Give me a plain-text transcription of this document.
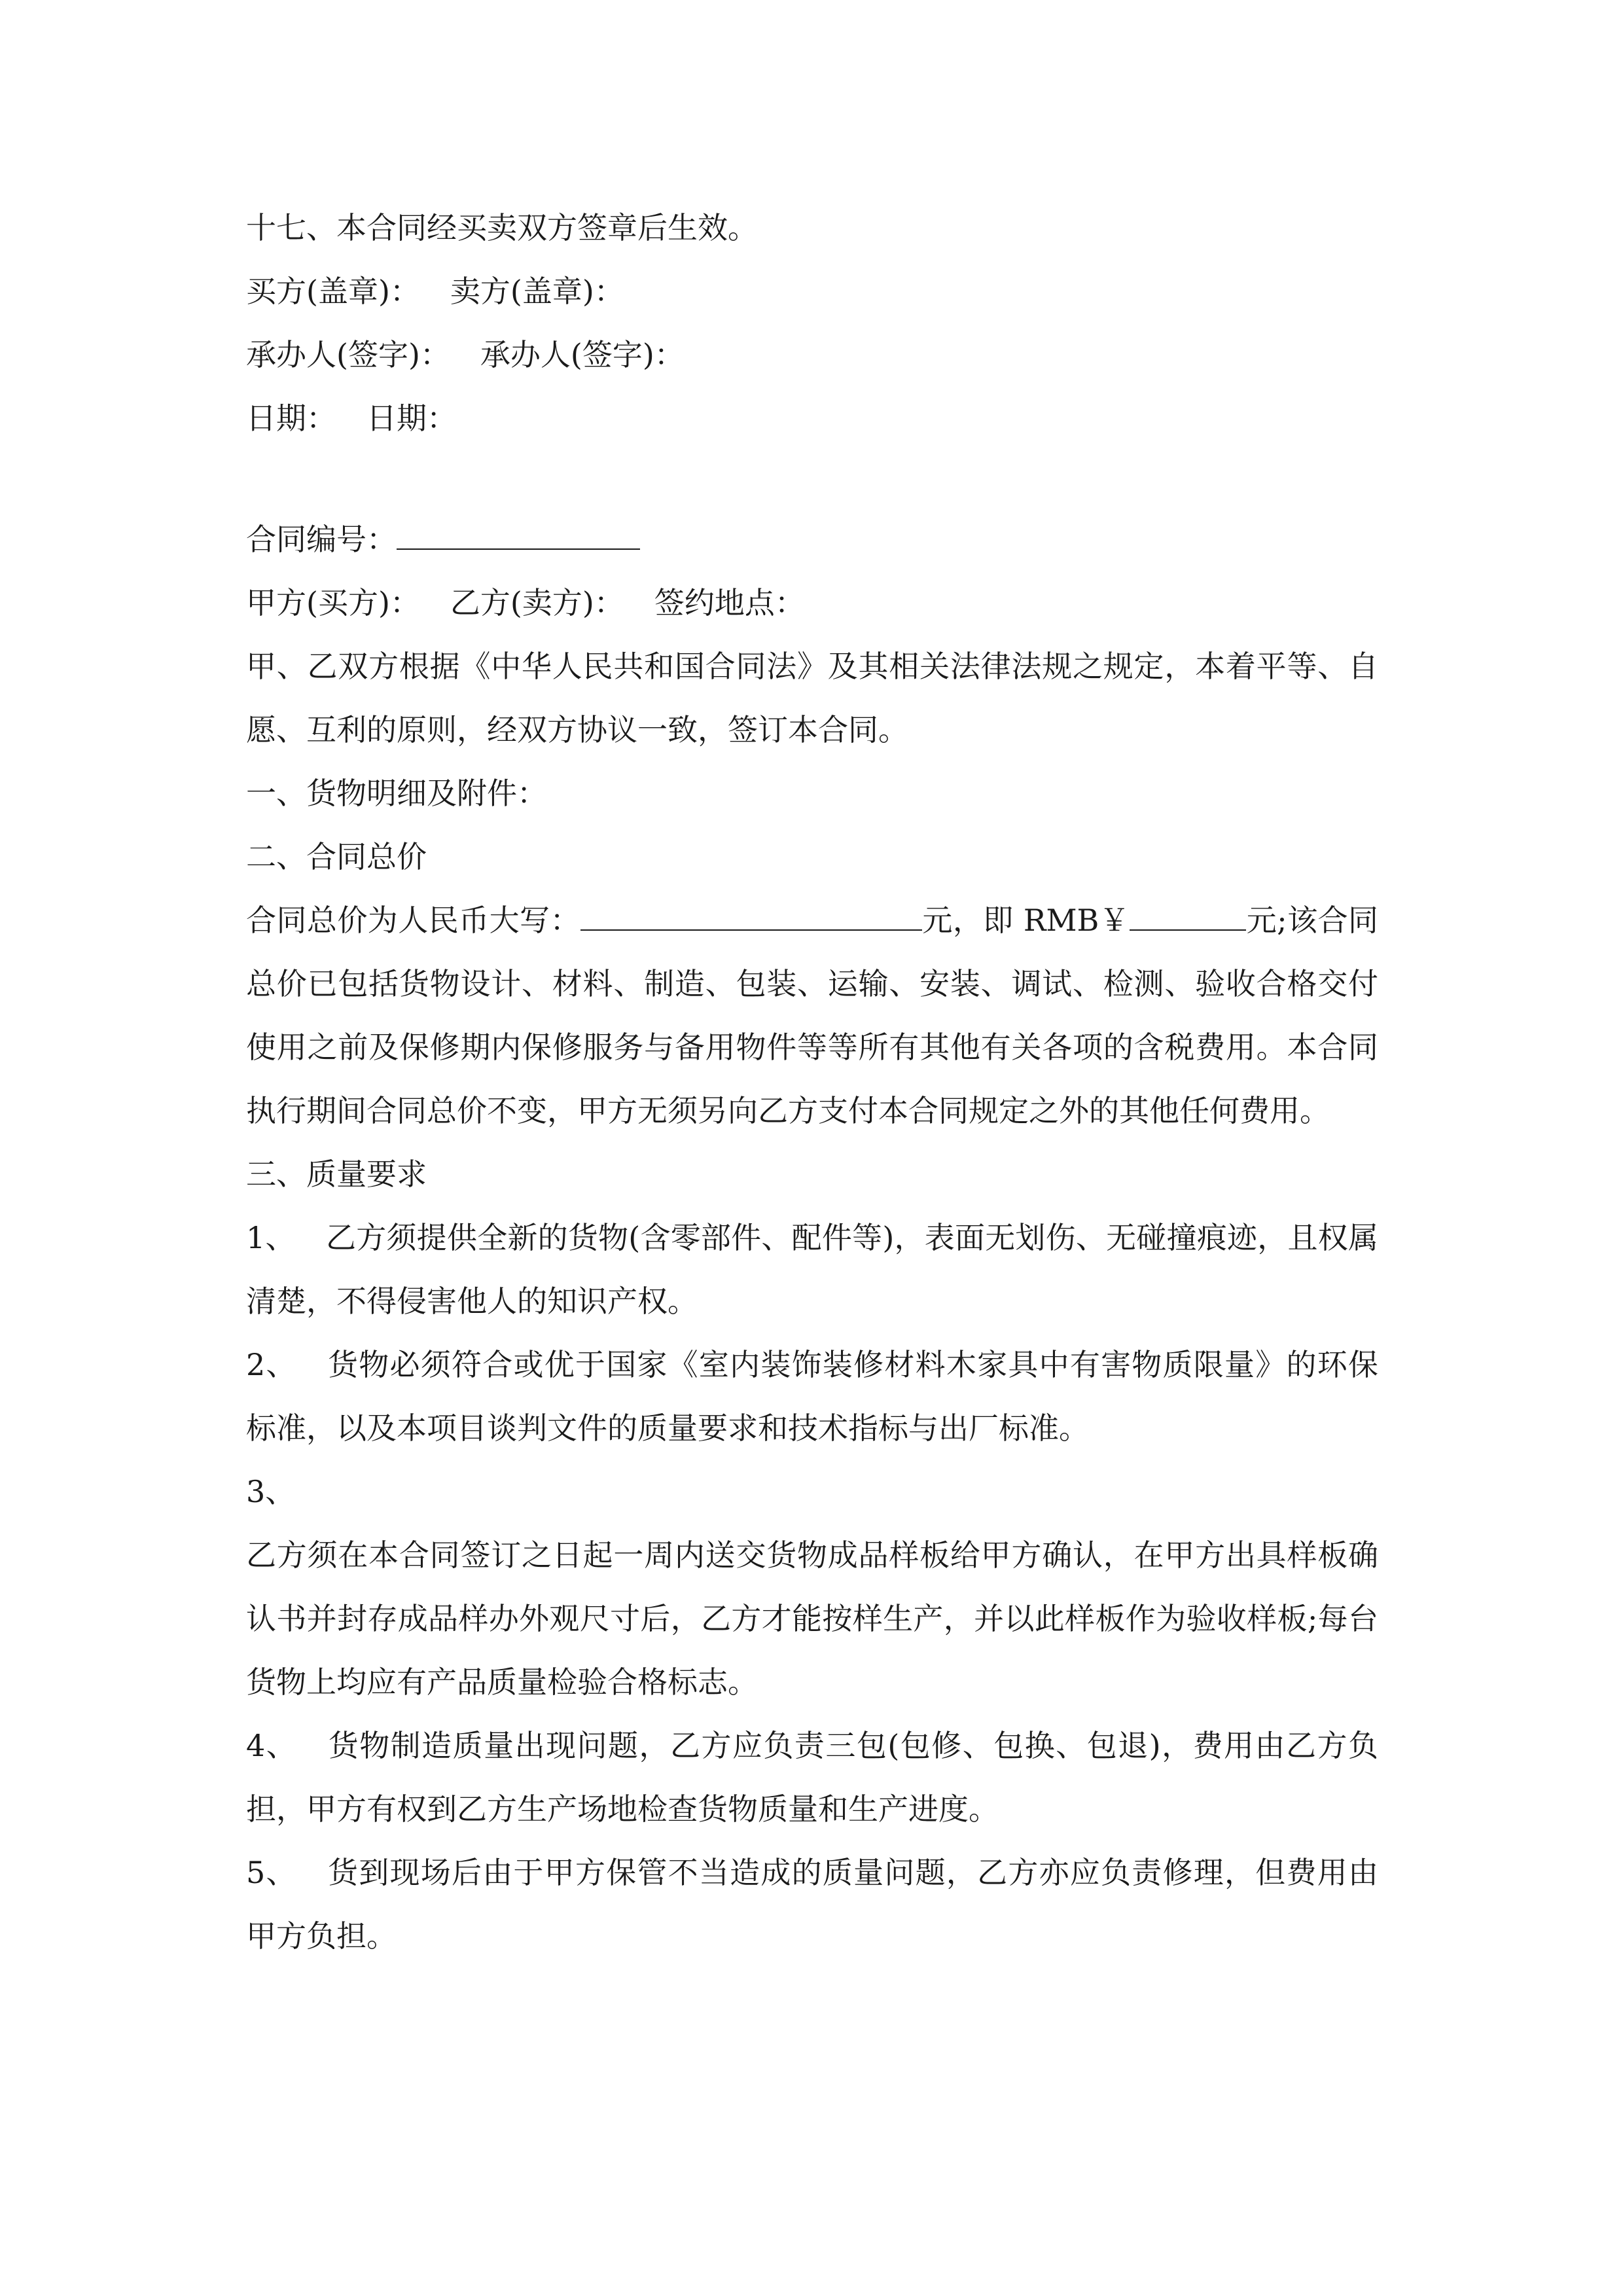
十七、本合同经买卖双方签章后生效。
买方(盖章)： 卖方(盖章)：
承办人(签字)： 承办人(签字)：
日期： 日期：
合同编号：
甲方(买方)： 乙方(卖方)： 签约地点：
甲、乙双方根据《中华人民共和国合同法》及其相关法律法规之规定，本着平等、自愿、互利的原则，经双方协议一致，签订本合同。
一、货物明细及附件：
二、合同总价
合同总价为人民币大写：	元，即 RMB￥	元;该合同总价已包括货物设计、材料、制造、包装、运输、安装、调试、检测、验收合格交付使用之前及保修期内保修服务与备用物件等等所有其他有关各项的含税费用。本合同执行期间合同总价不变，甲方无须另向乙方支付本合同规定之外的其他任何费用。
三、质量要求
1、 乙方须提供全新的货物(含零部件、配件等)，表面无划伤、无碰撞痕迹，且权属清楚，不得侵害他人的知识产权。
2、 货物必须符合或优于国家《室内装饰装修材料木家具中有害物质限量》的环保标准，以及本项目谈判文件的质量要求和技术指标与出厂标准。
3、
乙方须在本合同签订之日起一周内送交货物成品样板给甲方确认，在甲方出具样板确认书并封存成品样办外观尺寸后，乙方才能按样生产，并以此样板作为验收样板;每台货物上均应有产品质量检验合格标志。
4、 货物制造质量出现问题，乙方应负责三包(包修、包换、包退)，费用由乙方负担，甲方有权到乙方生产场地检查货物质量和生产进度。
5、 货到现场后由于甲方保管不当造成的质量问题，乙方亦应负责修理，但费用由甲方负担。
